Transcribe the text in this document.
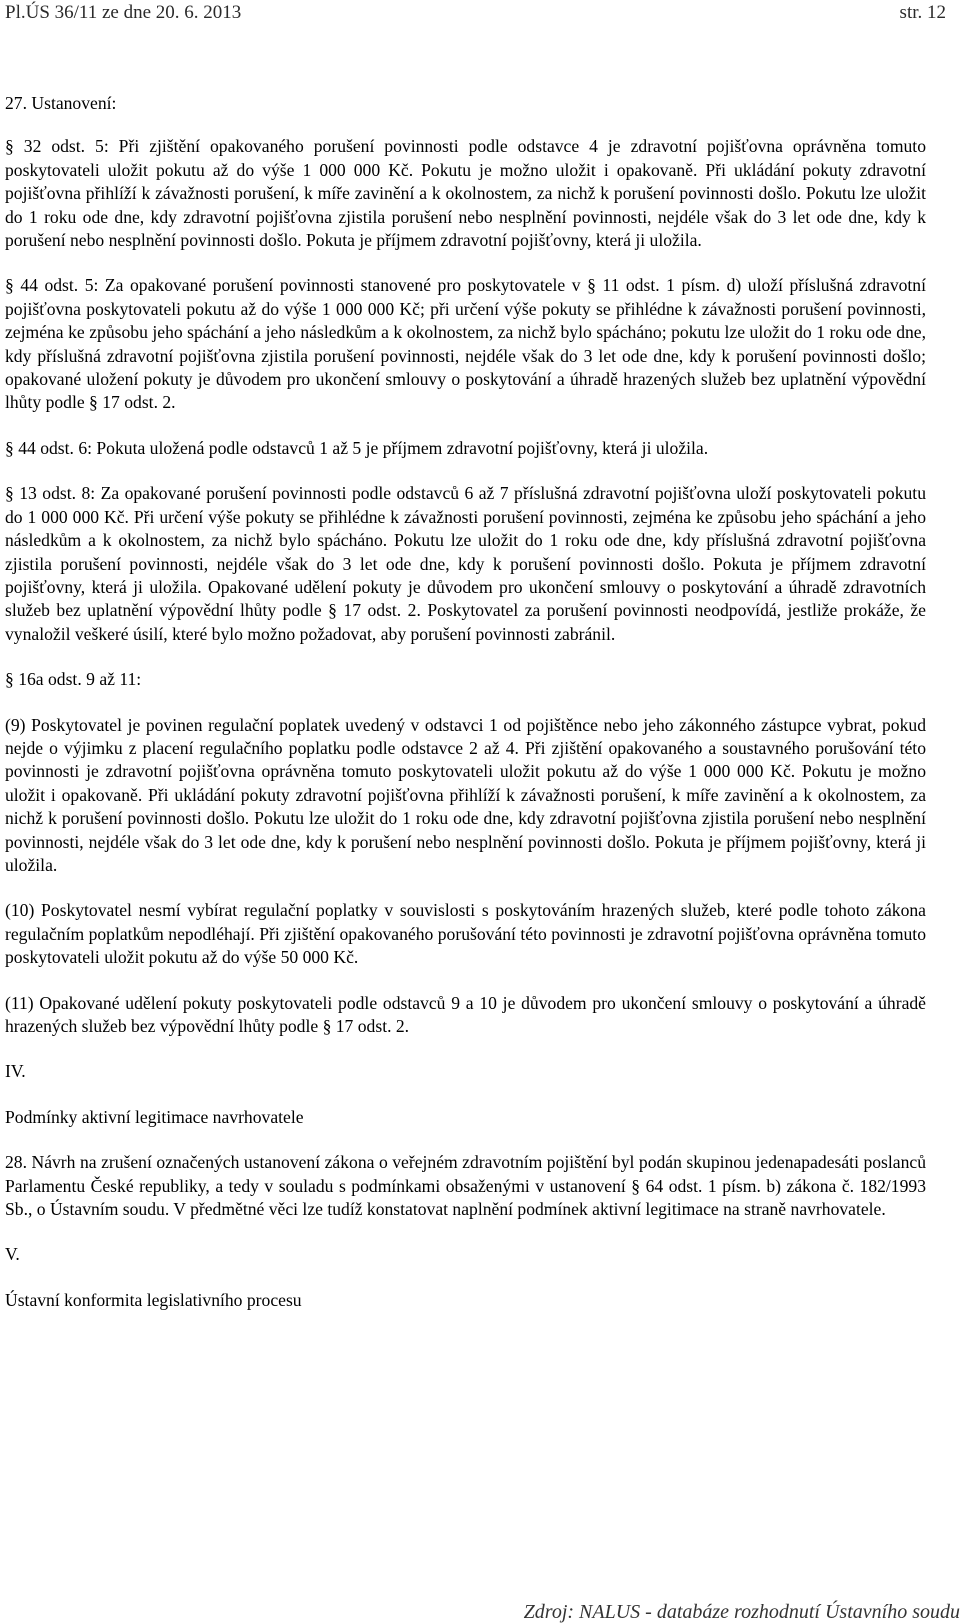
Pl.ÚS 36/11 ze dne 20. 6. 2013	str. 12

27. Ustanovení:

§ 32 odst. 5: Při zjištění opakovaného porušení povinnosti podle odstavce 4 je zdravotní pojišťovna oprávněna tomuto poskytovateli uložit pokutu až do výše 1 000 000 Kč. Pokutu je možno uložit i opakovaně. Při ukládání pokuty zdravotní pojišťovna přihlíží k závažnosti porušení, k míře zavinění a k okolnostem, za nichž k porušení povinnosti došlo. Pokutu lze uložit do 1 roku ode dne, kdy zdravotní pojišťovna zjistila porušení nebo nesplnění povinnosti, nejdéle však do 3 let ode dne, kdy k porušení nebo nesplnění povinnosti došlo. Pokuta je příjmem zdravotní pojišťovny, která ji uložila.

§ 44 odst. 5: Za opakované porušení povinnosti stanovené pro poskytovatele v § 11 odst. 1 písm. d) uloží příslušná zdravotní pojišťovna poskytovateli pokutu až do výše 1 000 000 Kč; při určení výše pokuty se přihlédne k závažnosti porušení povinnosti, zejména ke způsobu jeho spáchání a jeho následkům a k okolnostem, za nichž bylo spácháno; pokutu lze uložit do 1 roku ode dne, kdy příslušná zdravotní pojišťovna zjistila porušení povinnosti, nejdéle však do 3 let ode dne, kdy k porušení povinnosti došlo; opakované uložení pokuty je důvodem pro ukončení smlouvy o poskytování a úhradě hrazených služeb bez uplatnění výpovědní lhůty podle § 17 odst. 2.

§ 44 odst. 6: Pokuta uložená podle odstavců 1 až 5 je příjmem zdravotní pojišťovny, která ji uložila.

§ 13 odst. 8: Za opakované porušení povinnosti podle odstavců 6 až 7 příslušná zdravotní pojišťovna uloží poskytovateli pokutu do 1 000 000 Kč. Při určení výše pokuty se přihlédne k závažnosti porušení povinnosti, zejména ke způsobu jeho spáchání a jeho následkům a k okolnostem, za nichž bylo spácháno. Pokutu lze uložit do 1 roku ode dne, kdy příslušná zdravotní pojišťovna zjistila porušení povinnosti, nejdéle však do 3 let ode dne, kdy k porušení povinnosti došlo. Pokuta je příjmem zdravotní pojišťovny, která ji uložila. Opakované udělení pokuty je důvodem pro ukončení smlouvy o poskytování a úhradě zdravotních služeb bez uplatnění výpovědní lhůty podle § 17 odst. 2. Poskytovatel za porušení povinnosti neodpovídá, jestliže prokáže, že vynaložil veškeré úsilí, které bylo možno požadovat, aby porušení povinnosti zabránil.

§ 16a odst. 9 až 11:

(9) Poskytovatel je povinen regulační poplatek uvedený v odstavci 1 od pojištěnce nebo jeho zákonného zástupce vybrat, pokud nejde o výjimku z placení regulačního poplatku podle odstavce 2 až 4. Při zjištění opakovaného a soustavného porušování této povinnosti je zdravotní pojišťovna oprávněna tomuto poskytovateli uložit pokutu až do výše 1 000 000 Kč. Pokutu je možno uložit i opakovaně. Při ukládání pokuty zdravotní pojišťovna přihlíží k závažnosti porušení, k míře zavinění a k okolnostem, za nichž k porušení povinnosti došlo. Pokutu lze uložit do 1 roku ode dne, kdy zdravotní pojišťovna zjistila porušení nebo nesplnění povinnosti, nejdéle však do 3 let ode dne, kdy k porušení nebo nesplnění povinnosti došlo. Pokuta je příjmem pojišťovny, která ji uložila.

(10) Poskytovatel nesmí vybírat regulační poplatky v souvislosti s poskytováním hrazených služeb, které podle tohoto zákona regulačním poplatkům nepodléhají. Při zjištění opakovaného porušování této povinnosti je zdravotní pojišťovna oprávněna tomuto poskytovateli uložit pokutu až do výše 50 000 Kč.

(11) Opakované udělení pokuty poskytovateli podle odstavců 9 a 10 je důvodem pro ukončení smlouvy o poskytování a úhradě hrazených služeb bez výpovědní lhůty podle § 17 odst. 2.

IV.

Podmínky aktivní legitimace navrhovatele

28. Návrh na zrušení označených ustanovení zákona o veřejném zdravotním pojištění byl podán skupinou jedenapadesáti poslanců Parlamentu České republiky, a tedy v souladu s podmínkami obsaženými v ustanovení § 64 odst. 1 písm. b) zákona č. 182/1993 Sb., o Ústavním soudu. V předmětné věci lze tudíž konstatovat naplnění podmínek aktivní legitimace na straně navrhovatele.

V.

Ústavní konformita legislativního procesu

Zdroj: NALUS - databáze rozhodnutí Ústavního soudu
